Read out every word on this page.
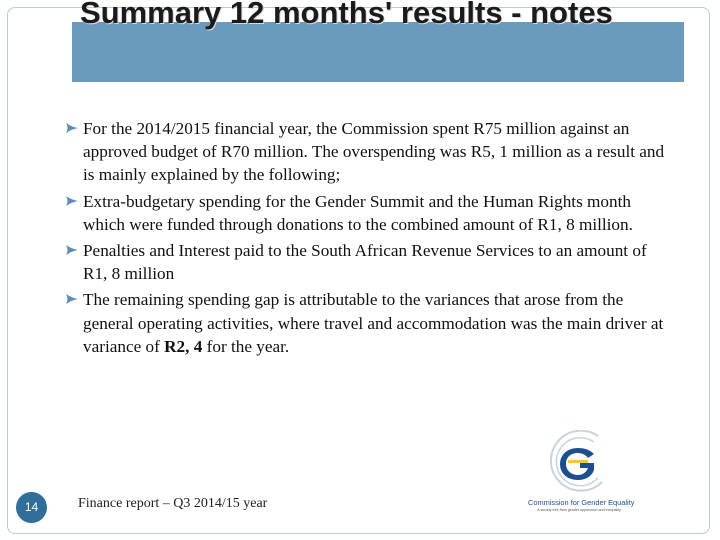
Summary 12 months' results - notes

For the 2014/2015 financial year, the Commission spent R75 million against an approved budget of R70 million. The overspending was R5, 1 million as a result and is mainly explained by the following;

Extra-budgetary spending for the Gender Summit and the Human Rights month which were funded through donations to the combined amount of R1, 8 million.

Penalties and Interest paid to the South African Revenue Services to an amount of R1, 8 million

The remaining spending gap is attributable to the variances that arose from the general operating activities, where travel and accommodation was the main driver at variance of R2, 4 for the year.

14	Finance report – Q3 2014/15 year	Commission for Gender Equality
A society free from gender oppression and inequality
